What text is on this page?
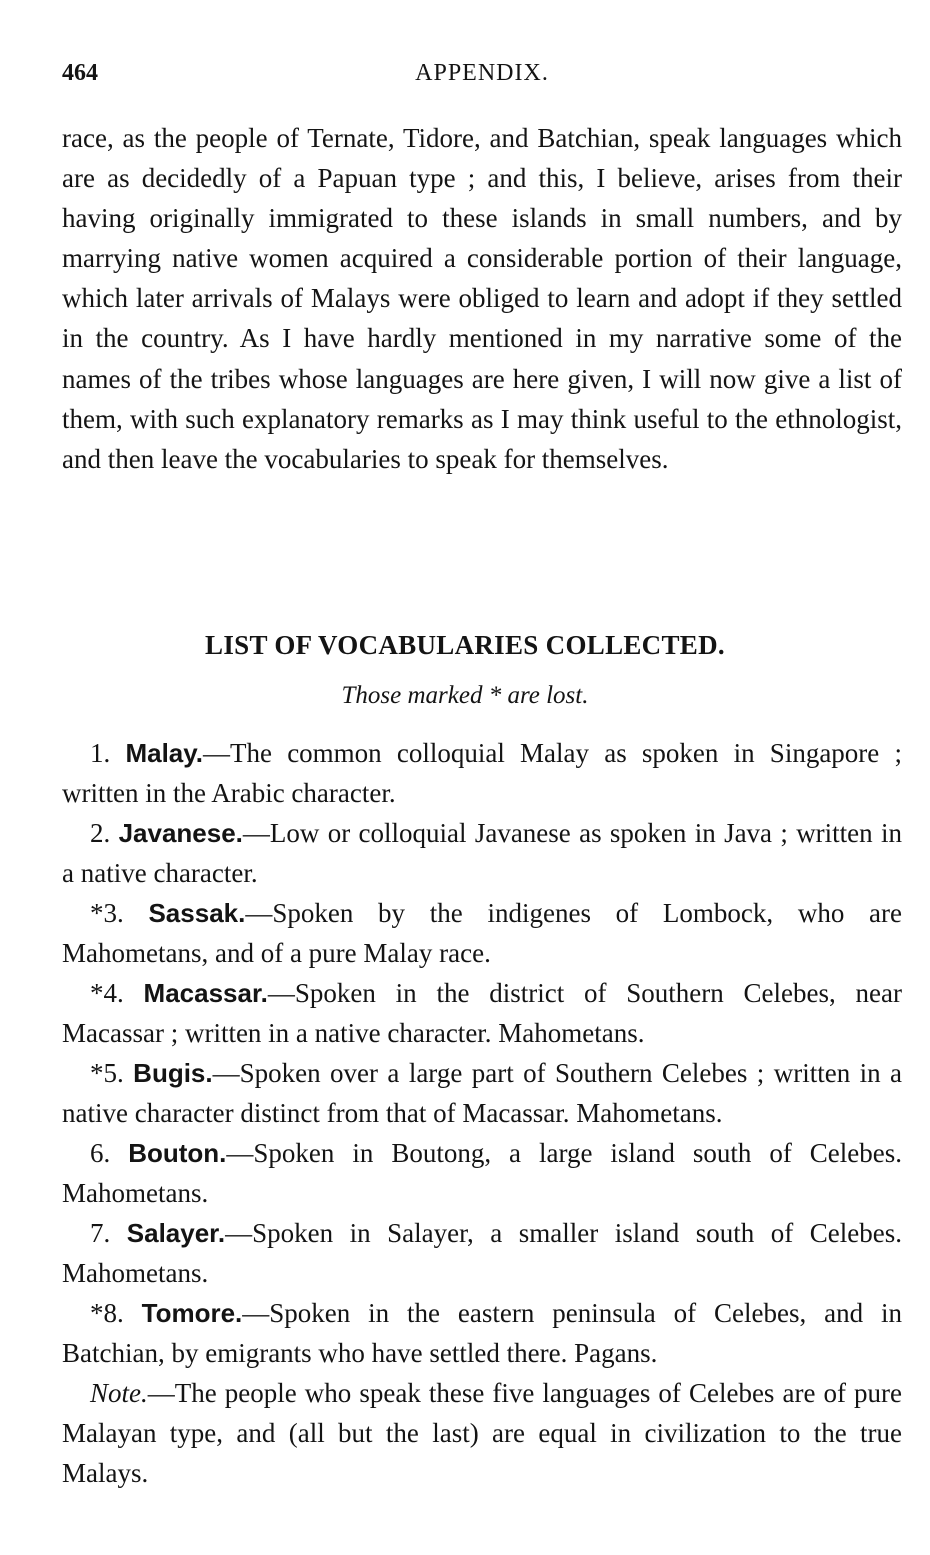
464	APPENDIX.

race, as the people of Ternate, Tidore, and Batchian, speak languages which are as decidedly of a Papuan type ; and this, I believe, arises from their having originally immigrated to these islands in small numbers, and by marrying native women acquired a considerable portion of their language, which later arrivals of Malays were obliged to learn and adopt if they settled in the country. As I have hardly mentioned in my narrative some of the names of the tribes whose languages are here given, I will now give a list of them, with such explanatory remarks as I may think useful to the ethnologist, and then leave the vocabularies to speak for themselves.

LIST OF VOCABULARIES COLLECTED.

Those marked * are lost.

1. Malay.—The common colloquial Malay as spoken in Singapore ; written in the Arabic character.

2. Javanese.—Low or colloquial Javanese as spoken in Java ; written in a native character.

*3. Sassak.—Spoken by the indigenes of Lombock, who are Mahometans, and of a pure Malay race.

*4. Macassar.—Spoken in the district of Southern Celebes, near Macassar ; written in a native character. Mahometans.

*5. Bugis.—Spoken over a large part of Southern Celebes ; written in a native character distinct from that of Macassar. Mahometans.

6. Bouton.—Spoken in Boutong, a large island south of Celebes. Mahometans.

7. Salayer.—Spoken in Salayer, a smaller island south of Celebes. Mahometans.

*8. Tomore.—Spoken in the eastern peninsula of Celebes, and in Batchian, by emigrants who have settled there. Pagans.

Note.—The people who speak these five languages of Celebes are of pure Malayan type, and (all but the last) are equal in civilization to the true Malays.
